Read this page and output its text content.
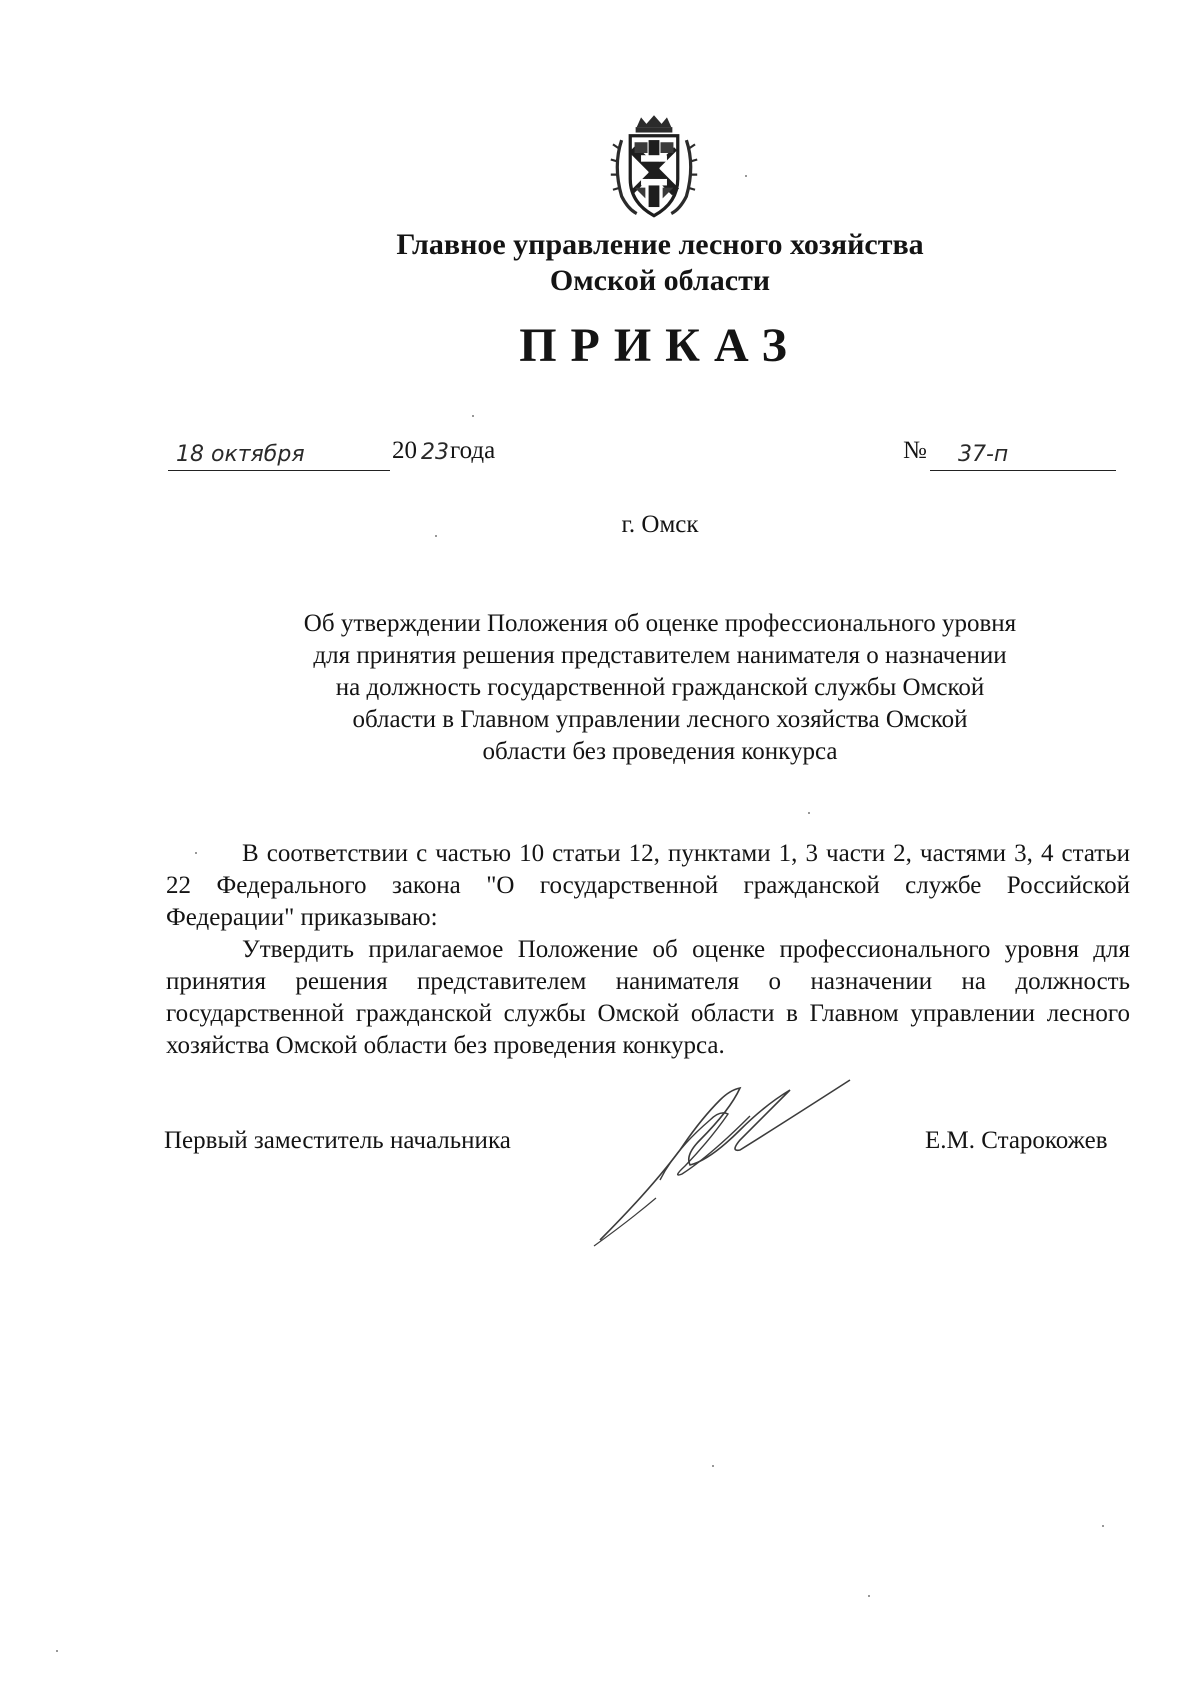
Главное управление лесного хозяйства
Омской области
ПРИКАЗ
18 октября	20 23 года	№ 37-п
г. Омск
Об утверждении Положения об оценке профессионального уровня
для принятия решения представителем нанимателя о назначении
на должность государственной гражданской службы Омской
области в Главном управлении лесного хозяйства Омской
области без проведения конкурса

В соответствии с частью 10 статьи 12, пунктами 1, 3 части 2, частями 3, 4 статьи 22 Федерального закона "О государственной гражданской службе Российской Федерации" приказываю:

Утвердить прилагаемое Положение об оценке профессионального уровня для принятия решения представителем нанимателя о назначении на должность государственной гражданской службы Омской области в Главном управлении лесного хозяйства Омской области без проведения конкурса.

Первый заместитель начальника	Е.М. Старокожев
